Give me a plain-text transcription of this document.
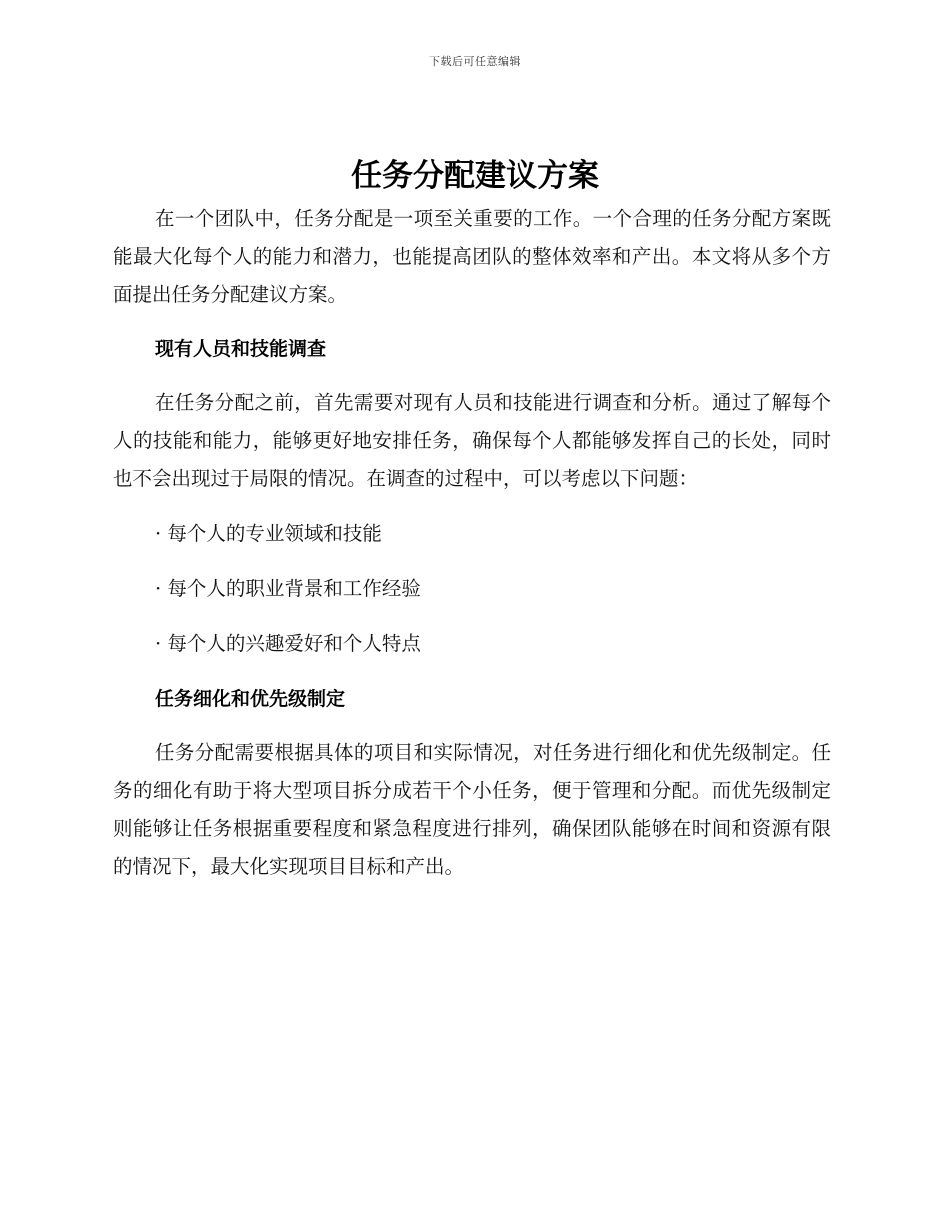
下载后可任意编辑
任务分配建议方案

在一个团队中，任务分配是一项至关重要的工作。一个合理的任务分配方案既能最大化每个人的能力和潜力，也能提高团队的整体效率和产出。本文将从多个方面提出任务分配建议方案。

现有人员和技能调查

在任务分配之前，首先需要对现有人员和技能进行调查和分析。通过了解每个人的技能和能力，能够更好地安排任务，确保每个人都能够发挥自己的长处，同时也不会出现过于局限的情况。在调查的过程中，可以考虑以下问题：

· 每个人的专业领域和技能
· 每个人的职业背景和工作经验
· 每个人的兴趣爱好和个人特点
任务细化和优先级制定

任务分配需要根据具体的项目和实际情况，对任务进行细化和优先级制定。任务的细化有助于将大型项目拆分成若干个小任务，便于管理和分配。而优先级制定则能够让任务根据重要程度和紧急程度进行排列，确保团队能够在时间和资源有限的情况下，最大化实现项目目标和产出。
